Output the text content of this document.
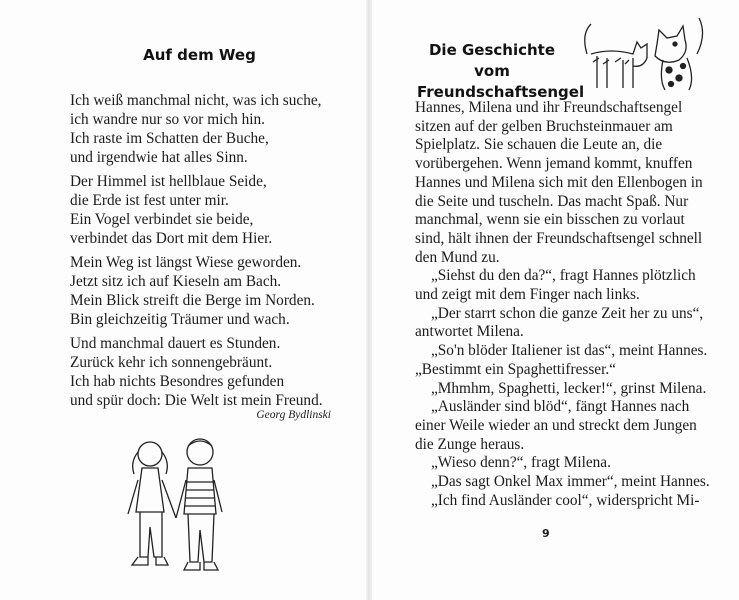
Auf dem Weg
Ich weiß manchmal nicht, was ich suche,
ich wandre nur so vor mich hin.
Ich raste im Schatten der Buche,
und irgendwie hat alles Sinn.
Der Himmel ist hellblaue Seide,
die Erde ist fest unter mir.
Ein Vogel verbindet sie beide,
verbindet das Dort mit dem Hier.
Mein Weg ist längst Wiese geworden.
Jetzt sitz ich auf Kieseln am Bach.
Mein Blick streift die Berge im Norden.
Bin gleichzeitig Träumer und wach.
Und manchmal dauert es Stunden.
Zurück kehr ich sonnengebräunt.
Ich hab nichts Besondres gefunden
und spür doch: Die Welt ist mein Freund.
Georg Bydlinski
Die Geschichte vom
Freundschaftsengel
Hannes, Milena und ihr Freundschaftsengel
sitzen auf der gelben Bruchsteinmauer am
Spielplatz. Sie schauen die Leute an, die
vorübergehen. Wenn jemand kommt, knuffen
Hannes und Milena sich mit den Ellenbogen in
die Seite und tuscheln. Das macht Spaß. Nur
manchmal, wenn sie ein bisschen zu vorlaut
sind, hält ihnen der Freundschaftsengel schnell
den Mund zu.
„Siehst du den da?“, fragt Hannes plötzlich
und zeigt mit dem Finger nach links.
„Der starrt schon die ganze Zeit her zu uns“,
antwortet Milena.
„So'n blöder Italiener ist das“, meint Hannes.
„Bestimmt ein Spaghettifresser.“
„Mhmhm, Spaghetti, lecker!“, grinst Milena.
„Ausländer sind blöd“, fängt Hannes nach
einer Weile wieder an und streckt dem Jungen
die Zunge heraus.
„Wieso denn?“, fragt Milena.
„Das sagt Onkel Max immer“, meint Hannes.
„Ich find Ausländer cool“, widerspricht Mi-
9
